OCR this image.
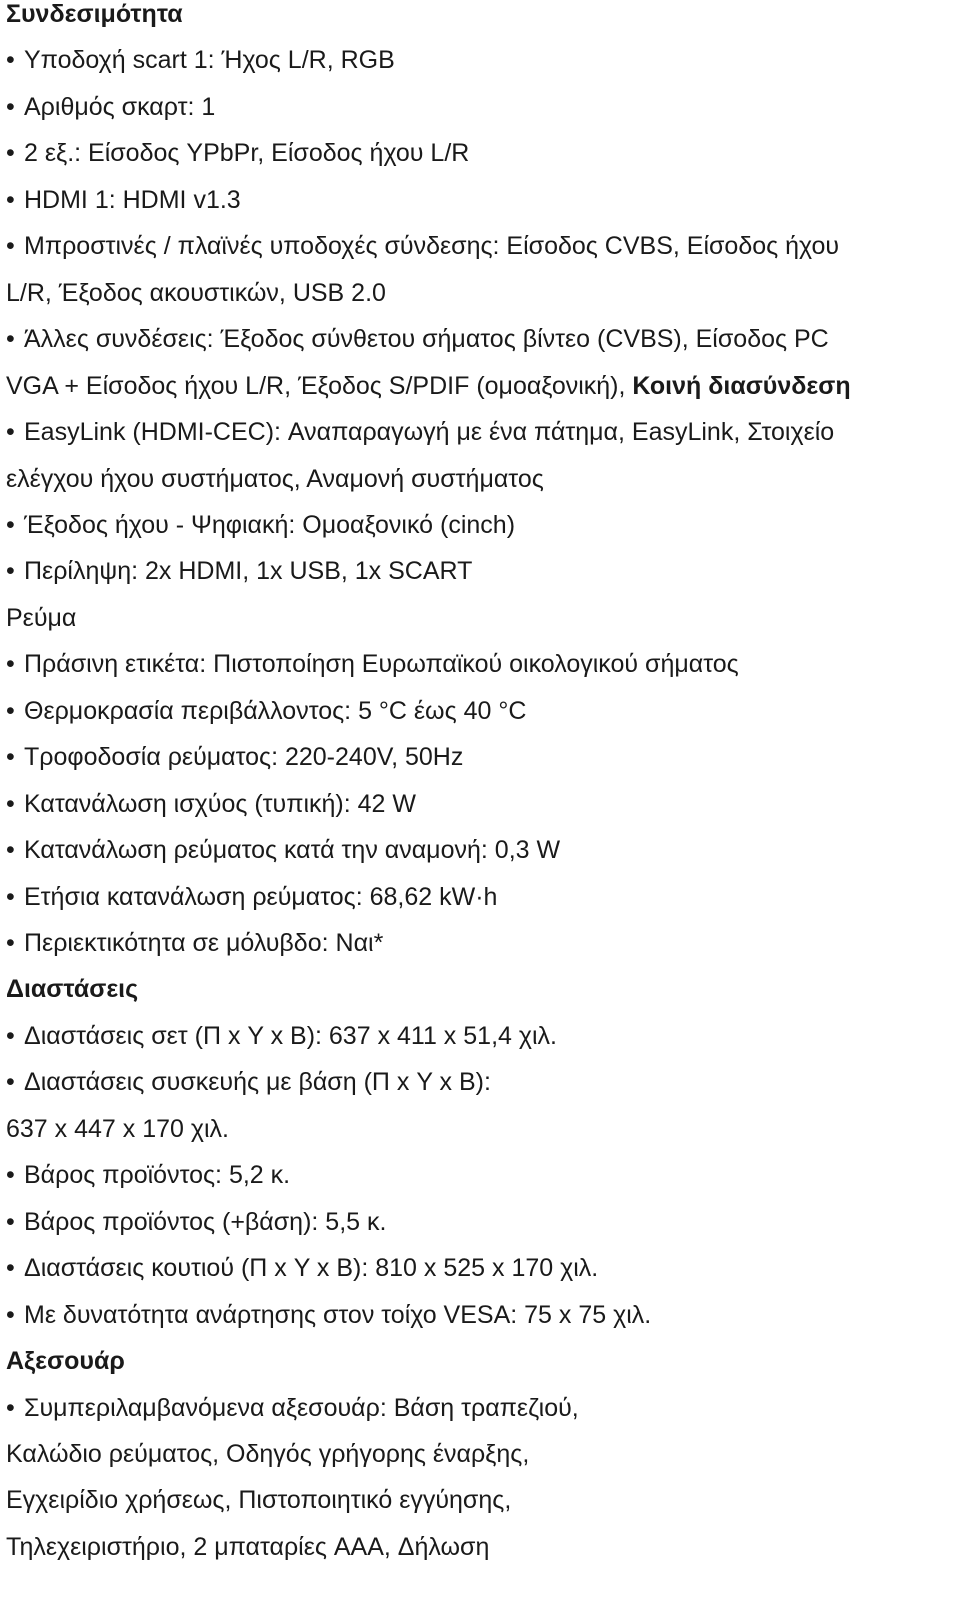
Συνδεσιμότητα
• Υποδοχή scart 1: Ήχος L/R, RGB
• Αριθμός σκαρτ: 1
• 2 εξ.: Είσοδος YPbPr, Είσοδος ήχου L/R
• HDMI 1: HDMI v1.3
• Μπροστινές / πλαϊνές υποδοχές σύνδεσης: Είσοδος CVBS, Είσοδος ήχου
L/R, Έξοδος ακουστικών, USB 2.0
• Άλλες συνδέσεις: Έξοδος σύνθετου σήματος βίντεο (CVBS), Είσοδος PC
VGA + Είσοδος ήχου L/R, Έξοδος S/PDIF (ομοαξονική), Κοινή διασύνδεση
• EasyLink (HDMI-CEC): Αναπαραγωγή με ένα πάτημα, EasyLink, Στοιχείο
ελέγχου ήχου συστήματος, Αναμονή συστήματος
• Έξοδος ήχου - Ψηφιακή: Ομοαξονικό (cinch)
• Περίληψη: 2x HDMI, 1x USB, 1x SCART
Ρεύμα
• Πράσινη ετικέτα: Πιστοποίηση Ευρωπαϊκού οικολογικού σήματος
• Θερμοκρασία περιβάλλοντος: 5 °C έως 40 °C
• Τροφοδοσία ρεύματος: 220-240V, 50Hz
• Κατανάλωση ισχύος (τυπική): 42 W
• Κατανάλωση ρεύματος κατά την αναμονή: 0,3 W
• Ετήσια κατανάλωση ρεύματος: 68,62 kW·h
• Περιεκτικότητα σε μόλυβδο: Ναι*
Διαστάσεις
• Διαστάσεις σετ (Π x Υ x Β): 637 x 411 x 51,4 χιλ.
• Διαστάσεις συσκευής με βάση (Π x Υ x Β):
637 x 447 x 170 χιλ.
• Βάρος προϊόντος: 5,2 κ.
• Βάρος προϊόντος (+βάση): 5,5 κ.
• Διαστάσεις κουτιού (Π x Υ x Β): 810 x 525 x 170 χιλ.
• Με δυνατότητα ανάρτησης στον τοίχο VESA: 75 x 75 χιλ.
Αξεσουάρ
• Συμπεριλαμβανόμενα αξεσουάρ: Βάση τραπεζιού,
Καλώδιο ρεύματος, Οδηγός γρήγορης έναρξης,
Εγχειρίδιο χρήσεως, Πιστοποιητικό εγγύησης,
Τηλεχειριστήριο, 2 μπαταρίες AAA, Δήλωση
